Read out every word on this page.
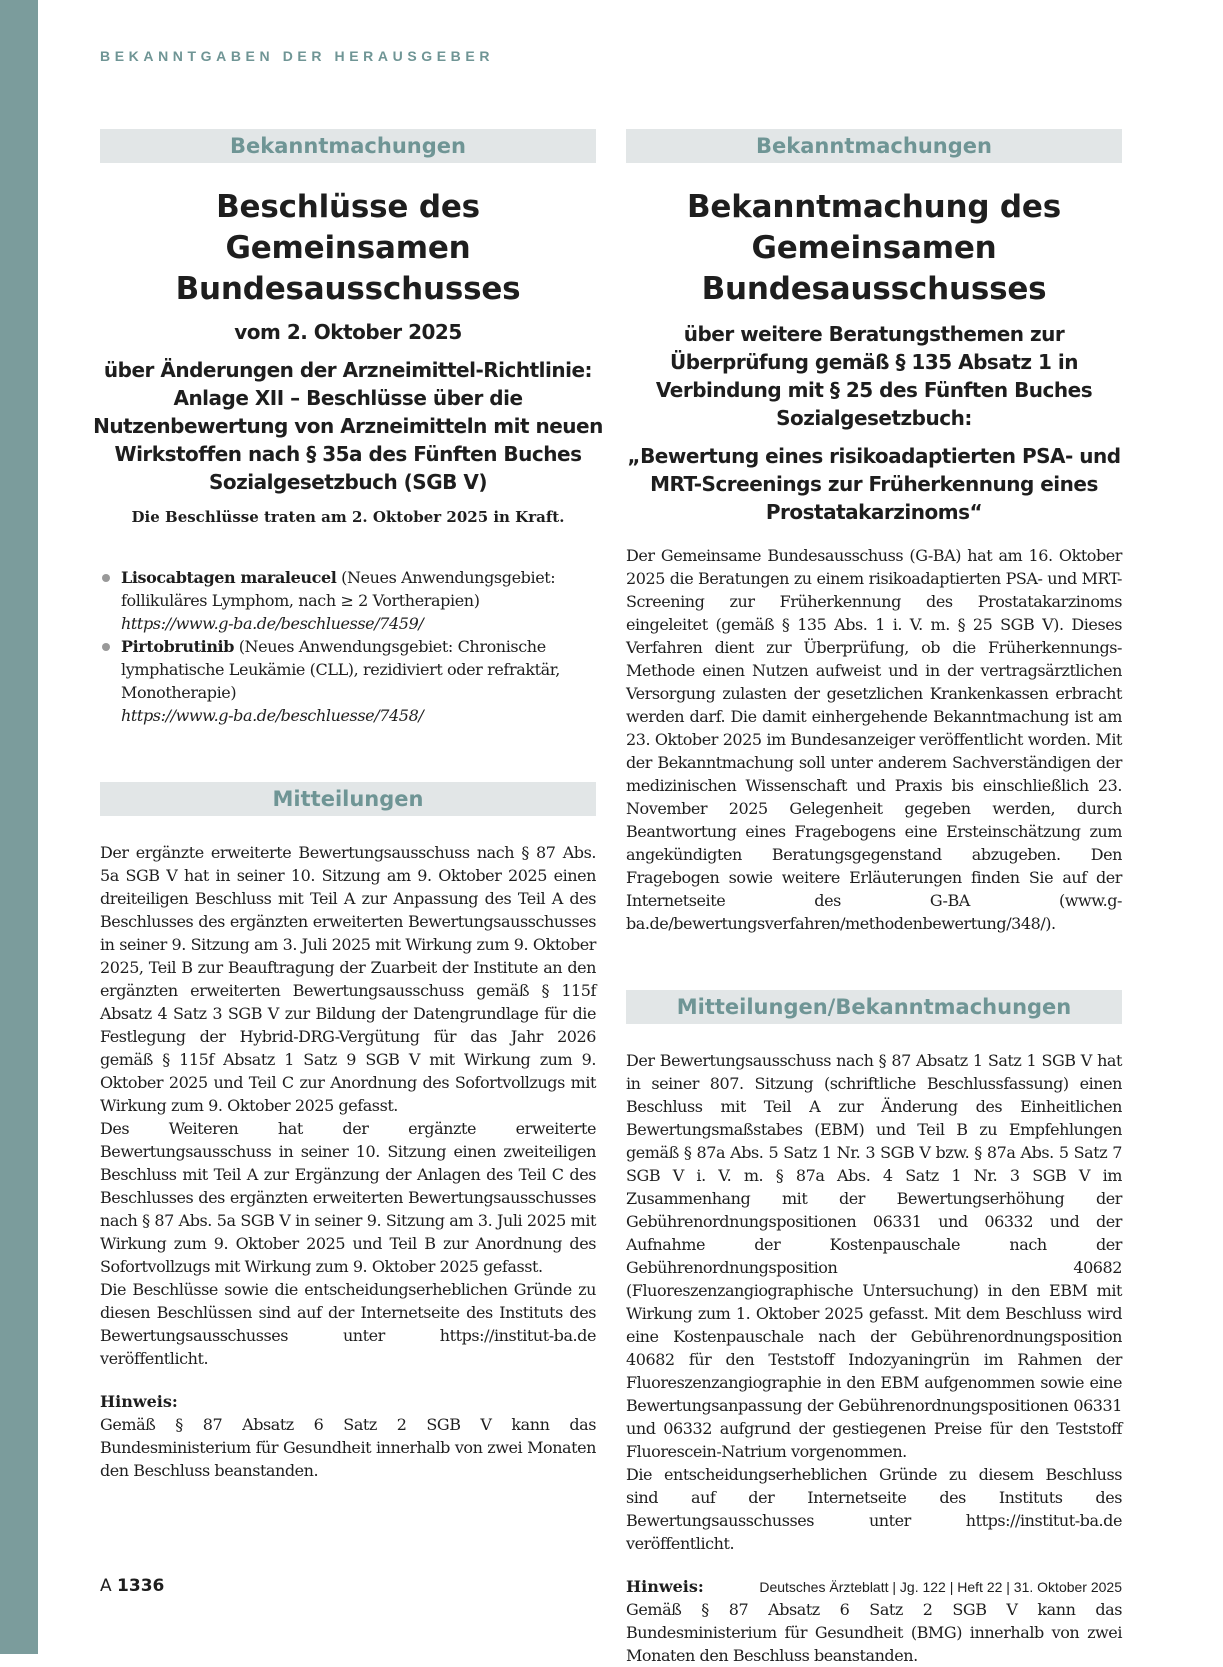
BEKANNTGABEN DER HERAUSGEBER
Bekanntmachungen
Beschlüsse des Gemeinsamen Bundesausschusses
vom 2. Oktober 2025
über Änderungen der Arzneimittel-Richtlinie: Anlage XII – Beschlüsse über die Nutzenbewertung von Arzneimitteln mit neuen Wirkstoffen nach § 35a des Fünften Buches Sozialgesetzbuch (SGB V)
Die Beschlüsse traten am 2. Oktober 2025 in Kraft.
Lisocabtagen maraleucel (Neues Anwendungsgebiet: follikuläres Lymphom, nach ≥ 2 Vortherapien)
https://www.g-ba.de/beschluesse/7459/
Pirtobrutinib (Neues Anwendungsgebiet: Chronische lymphatische Leukämie (CLL), rezidiviert oder refraktär, Monotherapie)
https://www.g-ba.de/beschluesse/7458/
Mitteilungen

Der ergänzte erweiterte Bewertungsausschuss nach § 87 Abs. 5a SGB V hat in seiner 10. Sitzung am 9. Oktober 2025 einen dreiteiligen Beschluss mit Teil A zur Anpassung des Teil A des Beschlusses des ergänzten erweiterten Bewertungsausschusses in seiner 9. Sitzung am 3. Juli 2025 mit Wirkung zum 9. Oktober 2025, Teil B zur Beauftragung der Zuarbeit der Institute an den ergänzten erweiterten Bewertungsausschuss gemäß § 115f Absatz 4 Satz 3 SGB V zur Bildung der Datengrundlage für die Festlegung der Hybrid-DRG-Vergütung für das Jahr 2026 gemäß § 115f Absatz 1 Satz 9 SGB V mit Wirkung zum 9. Oktober 2025 und Teil C zur Anordnung des Sofortvollzugs mit Wirkung zum 9. Oktober 2025 gefasst.

Des Weiteren hat der ergänzte erweiterte Bewertungsausschuss in seiner 10. Sitzung einen zweiteiligen Beschluss mit Teil A zur Ergänzung der Anlagen des Teil C des Beschlusses des ergänzten erweiterten Bewertungsausschusses nach § 87 Abs. 5a SGB V in seiner 9. Sitzung am 3. Juli 2025 mit Wirkung zum 9. Oktober 2025 und Teil B zur Anordnung des Sofortvollzugs mit Wirkung zum 9. Oktober 2025 gefasst.

Die Beschlüsse sowie die entscheidungserheblichen Gründe zu diesen Beschlüssen sind auf der Internetseite des Instituts des Bewertungsausschusses unter https://institut-ba.de veröffentlicht.

Hinweis:

Gemäß § 87 Absatz 6 Satz 2 SGB V kann das Bundesministerium für Gesundheit innerhalb von zwei Monaten den Beschluss beanstanden.

Bekanntmachungen
Bekanntmachung des Gemeinsamen Bundesausschusses
über weitere Beratungsthemen zur Überprüfung gemäß § 135 Absatz 1 in Verbindung mit § 25 des Fünften Buches Sozialgesetzbuch:
„Bewertung eines risikoadaptierten PSA- und MRT-Screenings zur Früherkennung eines Prostatakarzinoms“

Der Gemeinsame Bundesausschuss (G-BA) hat am 16. Oktober 2025 die Beratungen zu einem risikoadaptierten PSA- und MRT-Screening zur Früherkennung des Prostatakarzinoms eingeleitet (gemäß § 135 Abs. 1 i. V. m. § 25 SGB V). Dieses Verfahren dient zur Überprüfung, ob die Früherkennungs-Methode einen Nutzen aufweist und in der vertragsärztlichen Versorgung zulasten der gesetzlichen Krankenkassen erbracht werden darf. Die damit einhergehende Bekanntmachung ist am 23. Oktober 2025 im Bundesanzeiger veröffentlicht worden. Mit der Bekanntmachung soll unter anderem Sachverständigen der medizinischen Wissenschaft und Praxis bis einschließlich 23. November 2025 Gelegenheit gegeben werden, durch Beantwortung eines Fragebogens eine Ersteinschätzung zum angekündigten Beratungsgegenstand abzugeben. Den Fragebogen sowie weitere Erläuterungen finden Sie auf der Internetseite des G-BA (www.g-ba.de/bewertungsverfahren/methodenbewertung/348/).

Mitteilungen/Bekanntmachungen

Der Bewertungsausschuss nach § 87 Absatz 1 Satz 1 SGB V hat in seiner 807. Sitzung (schriftliche Beschlussfassung) einen Beschluss mit Teil A zur Änderung des Einheitlichen Bewertungsmaßstabes (EBM) und Teil B zu Empfehlungen gemäß § 87a Abs. 5 Satz 1 Nr. 3 SGB V bzw. § 87a Abs. 5 Satz 7 SGB V i. V. m. § 87a Abs. 4 Satz 1 Nr. 3 SGB V im Zusammenhang mit der Bewertungserhöhung der Gebührenordnungspositionen 06331 und 06332 und der Aufnahme der Kostenpauschale nach der Gebührenordnungsposition 40682 (Fluoreszenzangiographische Untersuchung) in den EBM mit Wirkung zum 1. Oktober 2025 gefasst. Mit dem Beschluss wird eine Kostenpauschale nach der Gebührenordnungsposition 40682 für den Teststoff Indozyaningrün im Rahmen der Fluoreszenzangiographie in den EBM aufgenommen sowie eine Bewertungsanpassung der Gebührenordnungspositionen 06331 und 06332 aufgrund der gestiegenen Preise für den Teststoff Fluorescein-Natrium vorgenommen.

Die entscheidungserheblichen Gründe zu diesem Beschluss sind auf der Internetseite des Instituts des Bewertungsausschusses unter https://institut-ba.de veröffentlicht.

Hinweis:

Gemäß § 87 Absatz 6 Satz 2 SGB V kann das Bundesministerium für Gesundheit (BMG) innerhalb von zwei Monaten den Beschluss beanstanden.

A 1336	Deutsches Ärzteblatt | Jg. 122 | Heft 22 | 31. Oktober 2025
